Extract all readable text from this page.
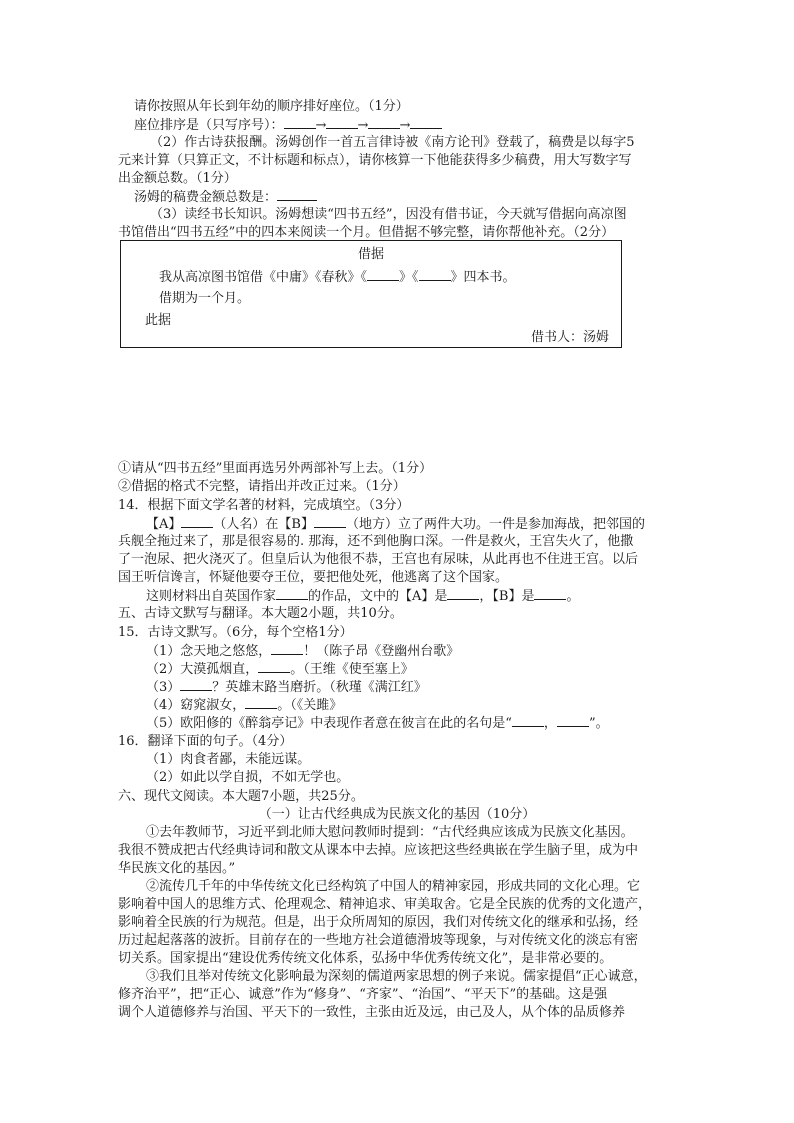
请你按照从年长到年幼的顺序排好座位。（1分）
座位排序是（只写序号）： → → →
（2）作古诗获报酬。汤姆创作一首五言律诗被《南方论刊》登载了，稿费是以每字5
元来计算（只算正文，不计标题和标点），请你核算一下他能获得多少稿费，用大写数字写
出金额总数。（1分）
汤姆的稿费金额总数是：
（3）读经书长知识。汤姆想读“四书五经”，因没有借书证，今天就写借据向高凉图
书馆借出“四书五经”中的四本来阅读一个月。但借据不够完整，请你帮他补充。（2分）
借据
我从高凉图书馆借《中庸》《春秋》《 》《 》四本书。
借期为一个月。
此据
借书人：汤姆
①请从“四书五经”里面再选另外两部补写上去。（1分）
②借据的格式不完整，请指出并改正过来。（1分）
14．根据下面文学名著的材料，完成填空。（3分）
【A】 （人名）在【B】 （地方）立了两件大功。一件是参加海战，把邻国的
兵舰全拖过来了，那是很容易的. 那海，还不到他胸口深。一件是救火，王宫失火了，他撒
了一泡尿、把火浇灭了。但皇后认为他很不恭，王宫也有尿味，从此再也不住进王宫。以后
国王听信谗言，怀疑他要夺王位，要把他处死，他逃离了这个国家。
这则材料出自英国作家 的作品，文中的【A】是 ，【B】是 。
五、古诗文默写与翻译。本大题2小题，共10分。
15．古诗文默写。（6分，每个空格1分）
（1）念天地之悠悠， ！（陈子昂《登幽州台歌》
（2）大漠孤烟直， 。（王维《使至塞上》
（3） ？英雄末路当磨折。（秋瑾《满江红》
（4）窈窕淑女， 。（《关雎》
（5）欧阳修的《醉翁亭记》中表现作者意在彼言在此的名句是“ ， ”。
16．翻译下面的句子。（4分）
（1）肉食者鄙，未能远谋。
（2）如此以学自损，不如无学也。
六、现代文阅读。本大题7小题，共25分。
（一）让古代经典成为民族文化的基因（10分）
①去年教师节，习近平到北师大慰问教师时提到：“古代经典应该成为民族文化基因。
我很不赞成把古代经典诗词和散文从课本中去掉。应该把这些经典嵌在学生脑子里，成为中
华民族文化的基因。”
②流传几千年的中华传统文化已经构筑了中国人的精神家园，形成共同的文化心理。它
影响着中国人的思维方式、伦理观念、精神追求、审美取舍。它是全民族的优秀的文化遗产，
影响着全民族的行为规范。但是，出于众所周知的原因，我们对传统文化的继承和弘扬，经
历过起起落落的波折。目前存在的一些地方社会道德滑坡等现象，与对传统文化的淡忘有密
切关系。国家提出“建设优秀传统文化体系，弘扬中华优秀传统文化”，是非常必要的。
③我们且举对传统文化影响最为深刻的儒道两家思想的例子来说。儒家提倡“正心诚意，
修齐治平”，把“正心、诚意”作为“修身”、“齐家”、“治国”、“平天下”的基础。这是强
调个人道德修养与治国、平天下的一致性，主张由近及远，由己及人，从个体的品质修养
